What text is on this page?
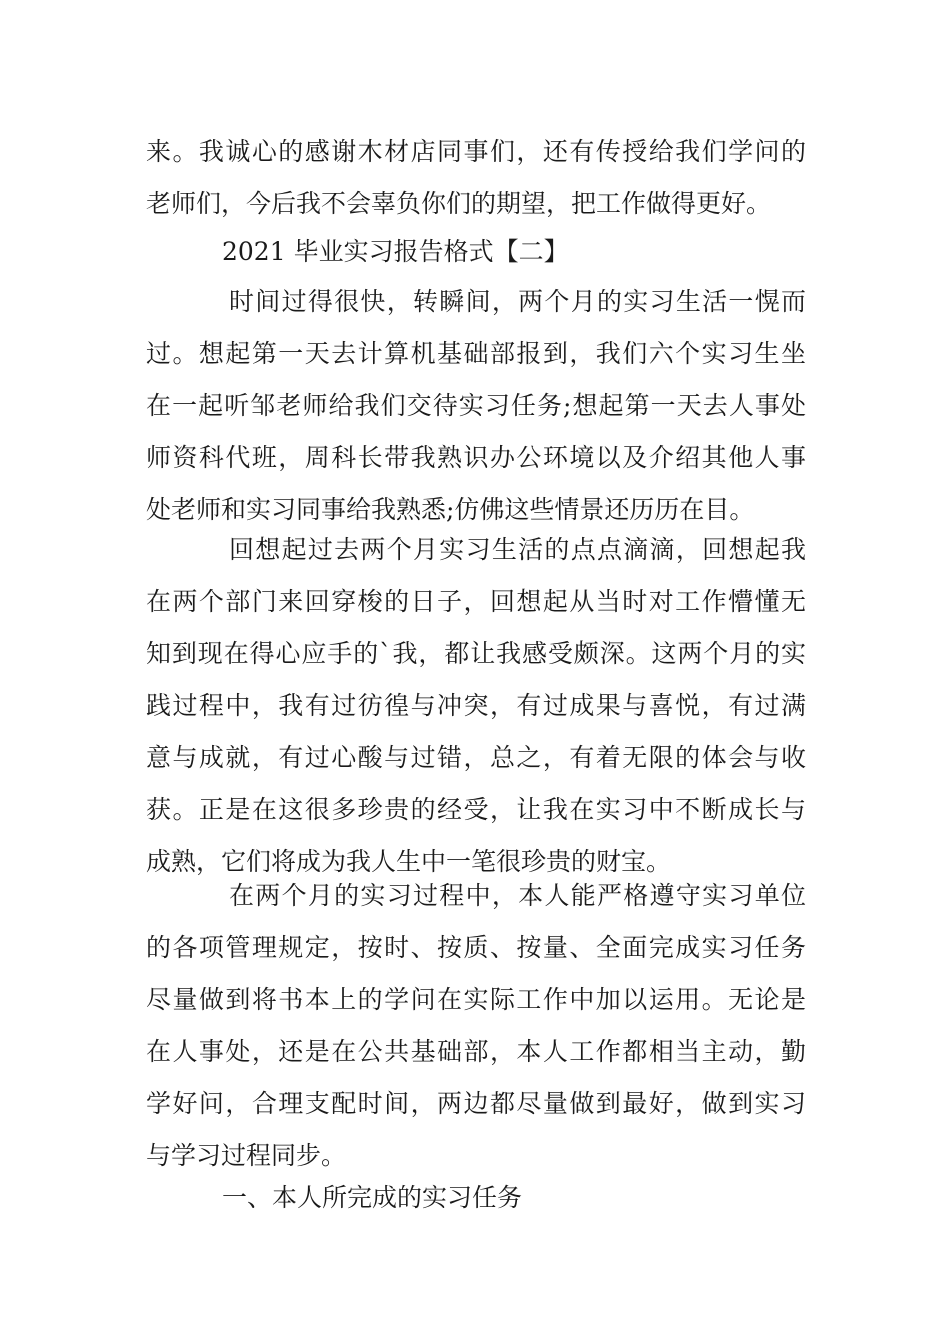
来。我诚心的感谢木材店同事们，还有传授给我们学问的
老师们，今后我不会辜负你们的期望，把工作做得更好。
2021 毕业实习报告格式【二】
时间过得很快，转瞬间，两个月的实习生活一愰而
过。想起第一天去计算机基础部报到，我们六个实习生坐
在一起听邹老师给我们交待实习任务;想起第一天去人事处
师资科代班，周科长带我熟识办公环境以及介绍其他人事
处老师和实习同事给我熟悉;仿佛这些情景还历历在目。
回想起过去两个月实习生活的点点滴滴，回想起我
在两个部门来回穿梭的日子，回想起从当时对工作懵懂无
知到现在得心应手的`我，都让我感受颇深。这两个月的实
践过程中，我有过彷徨与冲突，有过成果与喜悦，有过满
意与成就，有过心酸与过错，总之，有着无限的体会与收
获。正是在这很多珍贵的经受，让我在实习中不断成长与
成熟，它们将成为我人生中一笔很珍贵的财宝。
在两个月的实习过程中，本人能严格遵守实习单位
的各项管理规定，按时、按质、按量、全面完成实习任务
尽量做到将书本上的学问在实际工作中加以运用。无论是
在人事处，还是在公共基础部，本人工作都相当主动，勤
学好问，合理支配时间，两边都尽量做到最好，做到实习
与学习过程同步。
一、本人所完成的实习任务
